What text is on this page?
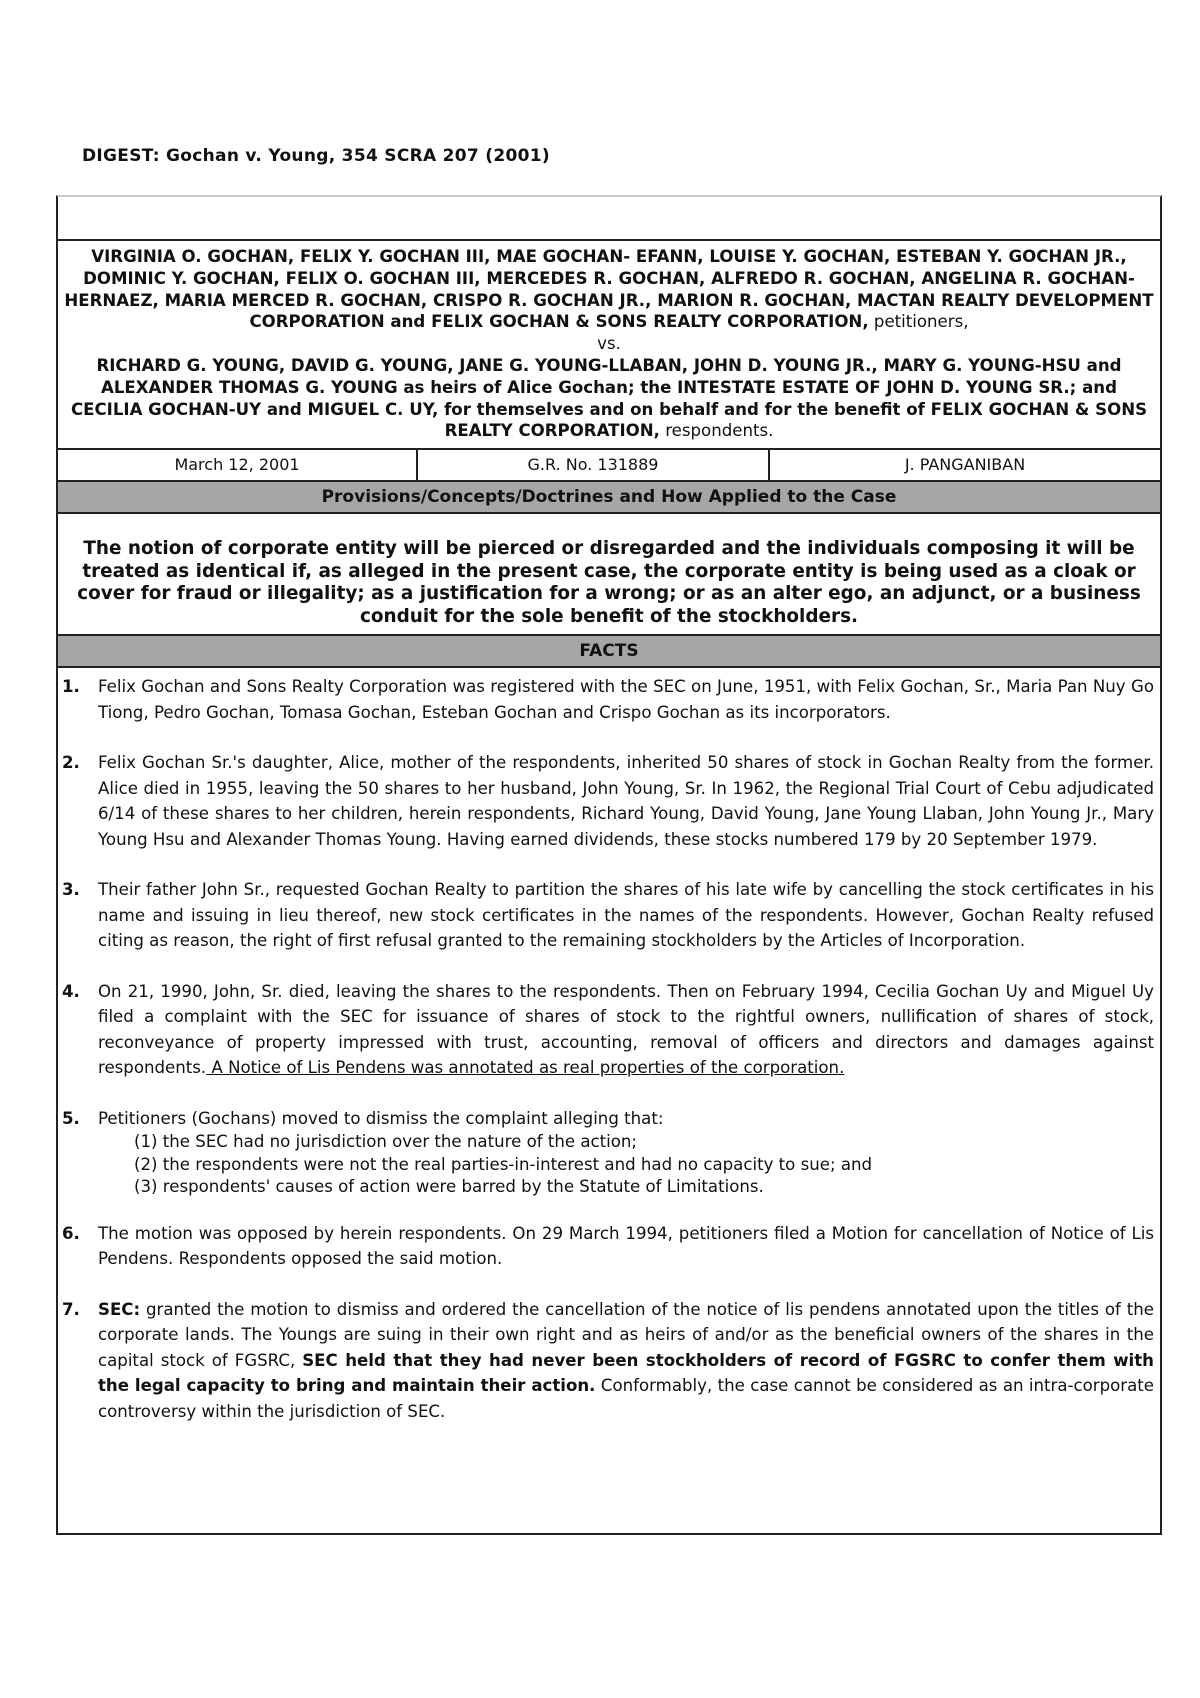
DIGEST: Gochan v. Young, 354 SCRA 207 (2001)
VIRGINIA O. GOCHAN, FELIX Y. GOCHAN III, MAE GOCHAN- EFANN, LOUISE Y. GOCHAN, ESTEBAN Y. GOCHAN JR., DOMINIC Y. GOCHAN, FELIX O. GOCHAN III, MERCEDES R. GOCHAN, ALFREDO R. GOCHAN, ANGELINA R. GOCHAN- HERNAEZ, MARIA MERCED R. GOCHAN, CRISPO R. GOCHAN JR., MARION R. GOCHAN, MACTAN REALTY DEVELOPMENT CORPORATION and FELIX GOCHAN & SONS REALTY CORPORATION, petitioners,
vs.
RICHARD G. YOUNG, DAVID G. YOUNG, JANE G. YOUNG-LLABAN, JOHN D. YOUNG JR., MARY G. YOUNG-HSU and ALEXANDER THOMAS G. YOUNG as heirs of Alice Gochan; the INTESTATE ESTATE OF JOHN D. YOUNG SR.; and CECILIA GOCHAN-UY and MIGUEL C. UY, for themselves and on behalf and for the benefit of FELIX GOCHAN & SONS REALTY CORPORATION, respondents.
March 12, 2001	G.R. No. 131889	J. PANGANIBAN
Provisions/Concepts/Doctrines and How Applied to the Case
The notion of corporate entity will be pierced or disregarded and the individuals composing it will be treated as identical if, as alleged in the present case, the corporate entity is being used as a cloak or cover for fraud or illegality; as a justification for a wrong; or as an alter ego, an adjunct, or a business conduit for the sole benefit of the stockholders.
FACTS
1.	Felix Gochan and Sons Realty Corporation was registered with the SEC on June, 1951, with Felix Gochan, Sr., Maria Pan Nuy Go Tiong, Pedro Gochan, Tomasa Gochan, Esteban Gochan and Crispo Gochan as its incorporators.
2.	Felix Gochan Sr.'s daughter, Alice, mother of the respondents, inherited 50 shares of stock in Gochan Realty from the former. Alice died in 1955, leaving the 50 shares to her husband, John Young, Sr. In 1962, the Regional Trial Court of Cebu adjudicated 6/14 of these shares to her children, herein respondents, Richard Young, David Young, Jane Young Llaban, John Young Jr., Mary Young Hsu and Alexander Thomas Young. Having earned dividends, these stocks numbered 179 by 20 September 1979.
3.	Their father John Sr., requested Gochan Realty to partition the shares of his late wife by cancelling the stock certificates in his name and issuing in lieu thereof, new stock certificates in the names of the respondents. However, Gochan Realty refused citing as reason, the right of first refusal granted to the remaining stockholders by the Articles of Incorporation.
4.	On 21, 1990, John, Sr. died, leaving the shares to the respondents. Then on February 1994, Cecilia Gochan Uy and Miguel Uy filed a complaint with the SEC for issuance of shares of stock to the rightful owners, nullification of shares of stock, reconveyance of property impressed with trust, accounting, removal of officers and directors and damages against respondents. A Notice of Lis Pendens was annotated as real properties of the corporation.
5.	Petitioners (Gochans) moved to dismiss the complaint alleging that:
(1) the SEC had no jurisdiction over the nature of the action;
(2) the respondents were not the real parties-in-interest and had no capacity to sue; and
(3) respondents' causes of action were barred by the Statute of Limitations.
6.	The motion was opposed by herein respondents. On 29 March 1994, petitioners filed a Motion for cancellation of Notice of Lis Pendens. Respondents opposed the said motion.
7.	SEC: granted the motion to dismiss and ordered the cancellation of the notice of lis pendens annotated upon the titles of the corporate lands. The Youngs are suing in their own right and as heirs of and/or as the beneficial owners of the shares in the capital stock of FGSRC, SEC held that they had never been stockholders of record of FGSRC to confer them with the legal capacity to bring and maintain their action. Conformably, the case cannot be considered as an intra-corporate controversy within the jurisdiction of SEC.
